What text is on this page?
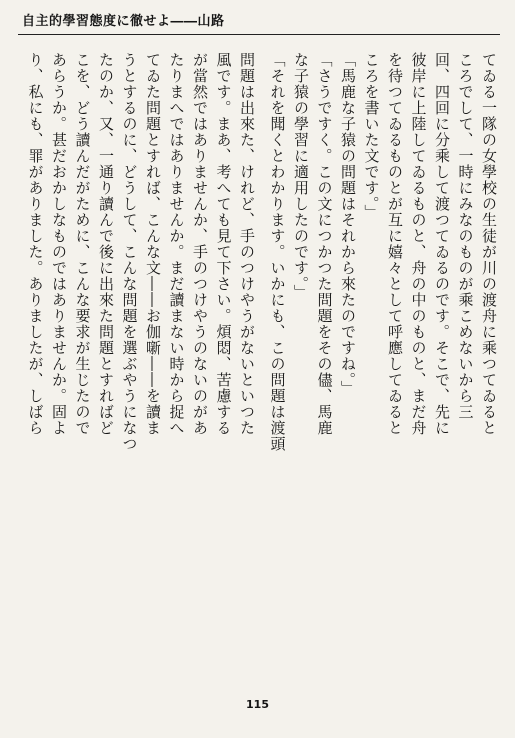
自主的學習態度に徹せよ――山路

てゐる一隊の女學校の生徒が川の渡舟に乘つてゐると

ころでして、一時にみなのものが乘こめないから三

回、四回に分乘して渡つてゐるのです。そこで、先に

彼岸に上陸してゐるものと、舟の中のものと、まだ舟

を待つてゐるものとが互に嬉々として呼應してゐると

ころを書いた文です。」

「馬鹿な子猿の問題はそれから來たのですね。」

「さうですく。この文につかつた問題をその儘、馬鹿

な子猿の學習に適用したのです。」

「それを聞くとわかります。いかにも、この問題は渡頭

問題は出來た、けれど、手のつけやうがないといつた

風です。まあ、考へても見て下さい。煩悶、苦慮する

が當然ではありませんか、手のつけやうのないのがあ

たりまへではありませんか。まだ讀まない時から捉へ

てゐた問題とすれば、こんな文――お伽噺――を讀ま

うとするのに、どうして、こんな問題を選ぶやうになつ

たのか、又、一通り讀んで後に出來た問題とすればど

こを、どう讀んだがために、こんな要求が生じたので

あらうか。甚だおかしなものではありませんか。固よ

り、私にも、罪がありました。ありましたが、しばら

115
